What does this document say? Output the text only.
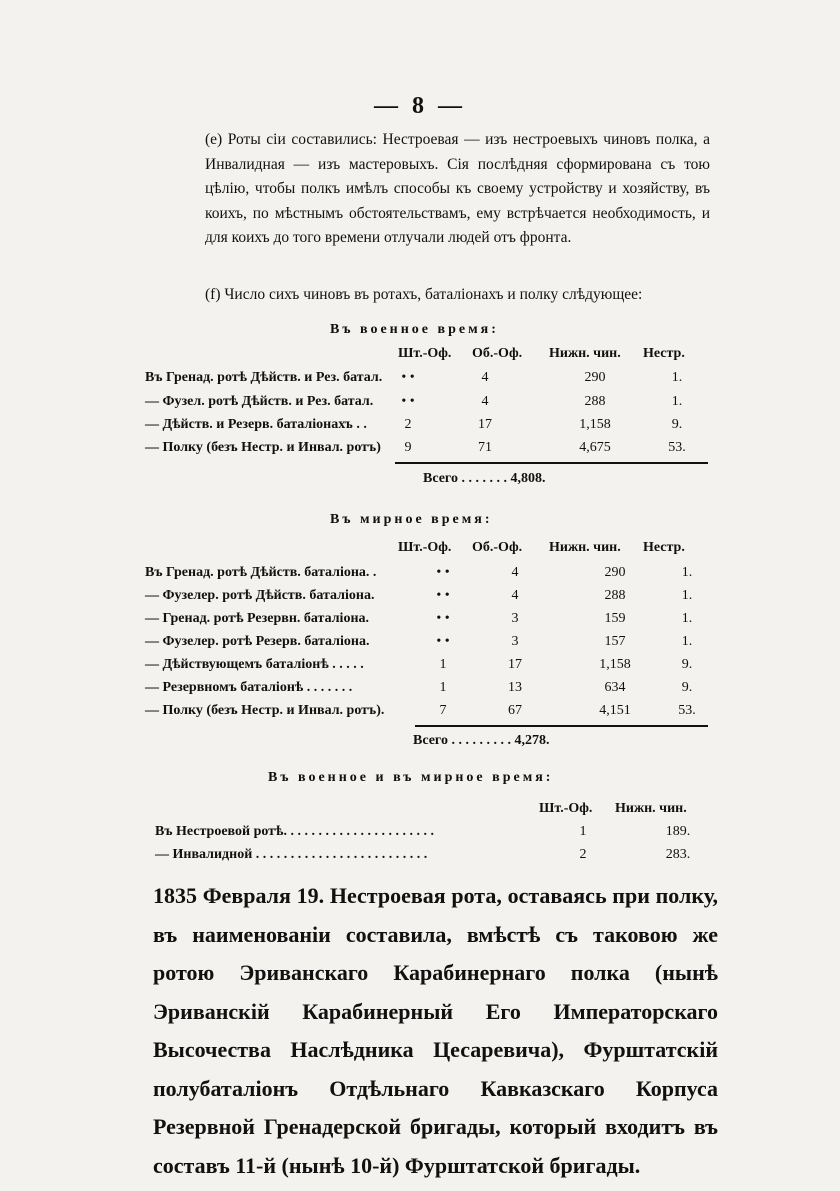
— 8 —
(e) Роты сіи составились: Нестроевая — изъ нестроевыхъ чиновъ полка, а Инвалидная — изъ мастеровыхъ. Сія послѣдняя сформирована съ тою цѣлію, чтобы полкъ имѣлъ способы къ своему устройству и хозяйству, въ коихъ, по мѣстнымъ обстоятельствамъ, ему встрѣчается необходимость, и для коихъ до того времени отлучали людей отъ фронта.
(f) Число сихъ чиновъ въ ротахъ, баталіонахъ и полку слѣдующее:
Въ военное время:
Шт.-Оф. Об.-Оф. Нижн. чин. Нестр.
Въ Гренад. ротѣ Дѣйств. и Рез. батал.	• •	4	290	1.
— Фузел. ротѣ Дѣйств. и Рез. батал.	• •	4	288	1.
— Дѣйств. и Резерв. баталіонахъ . .	2	17	1,158	9.
— Полку (безъ Нестр. и Инвал. ротъ)	9	71	4,675	53.
Всего . . . . . . . 4,808.
Въ мирное время:
Шт.-Оф. Об.-Оф. Нижн. чин. Нестр.
Въ Гренад. ротѣ Дѣйств. баталіона. .	• •	4	290	1.
— Фузелер. ротѣ Дѣйств. баталіона.	• •	4	288	1.
— Гренад. ротѣ Резервн. баталіона.	• •	3	159	1.
— Фузелер. ротѣ Резерв. баталіона.	• •	3	157	1.
— Дѣйствующемъ баталіонѣ . . . . .	1	17	1,158	9.
— Резервномъ баталіонѣ . . . . . . .	1	13	634	9.
— Полку (безъ Нестр. и Инвал. ротъ).	7	67	4,151	53.
Всего . . . . . . . . . 4,278.
Въ военное и въ мирное время:
Шт.-Оф. Нижн. чин.
Въ Нестроевой ротѣ. . . . . . . . . . . . . . . . . . . . . .	1	189.
— Инвалидной . . . . . . . . . . . . . . . . . . . . . . . . .	2	283.
1835 Февраля 19. Нестроевая рота, оставаясь при полку, въ наименованіи составила, вмѣстѣ съ таковою же ротою Эриванскаго Карабинернаго полка (нынѣ Эриванскій Карабинерный Его Императорскаго Высочества Наслѣдника Цесаревича), Фурштатскій полубаталіонъ Отдѣльнаго Кавказскаго Корпуса Резервной Гренадерской бригады, который входитъ въ составъ 11-й (нынѣ 10-й) Фурштатской бригады.
